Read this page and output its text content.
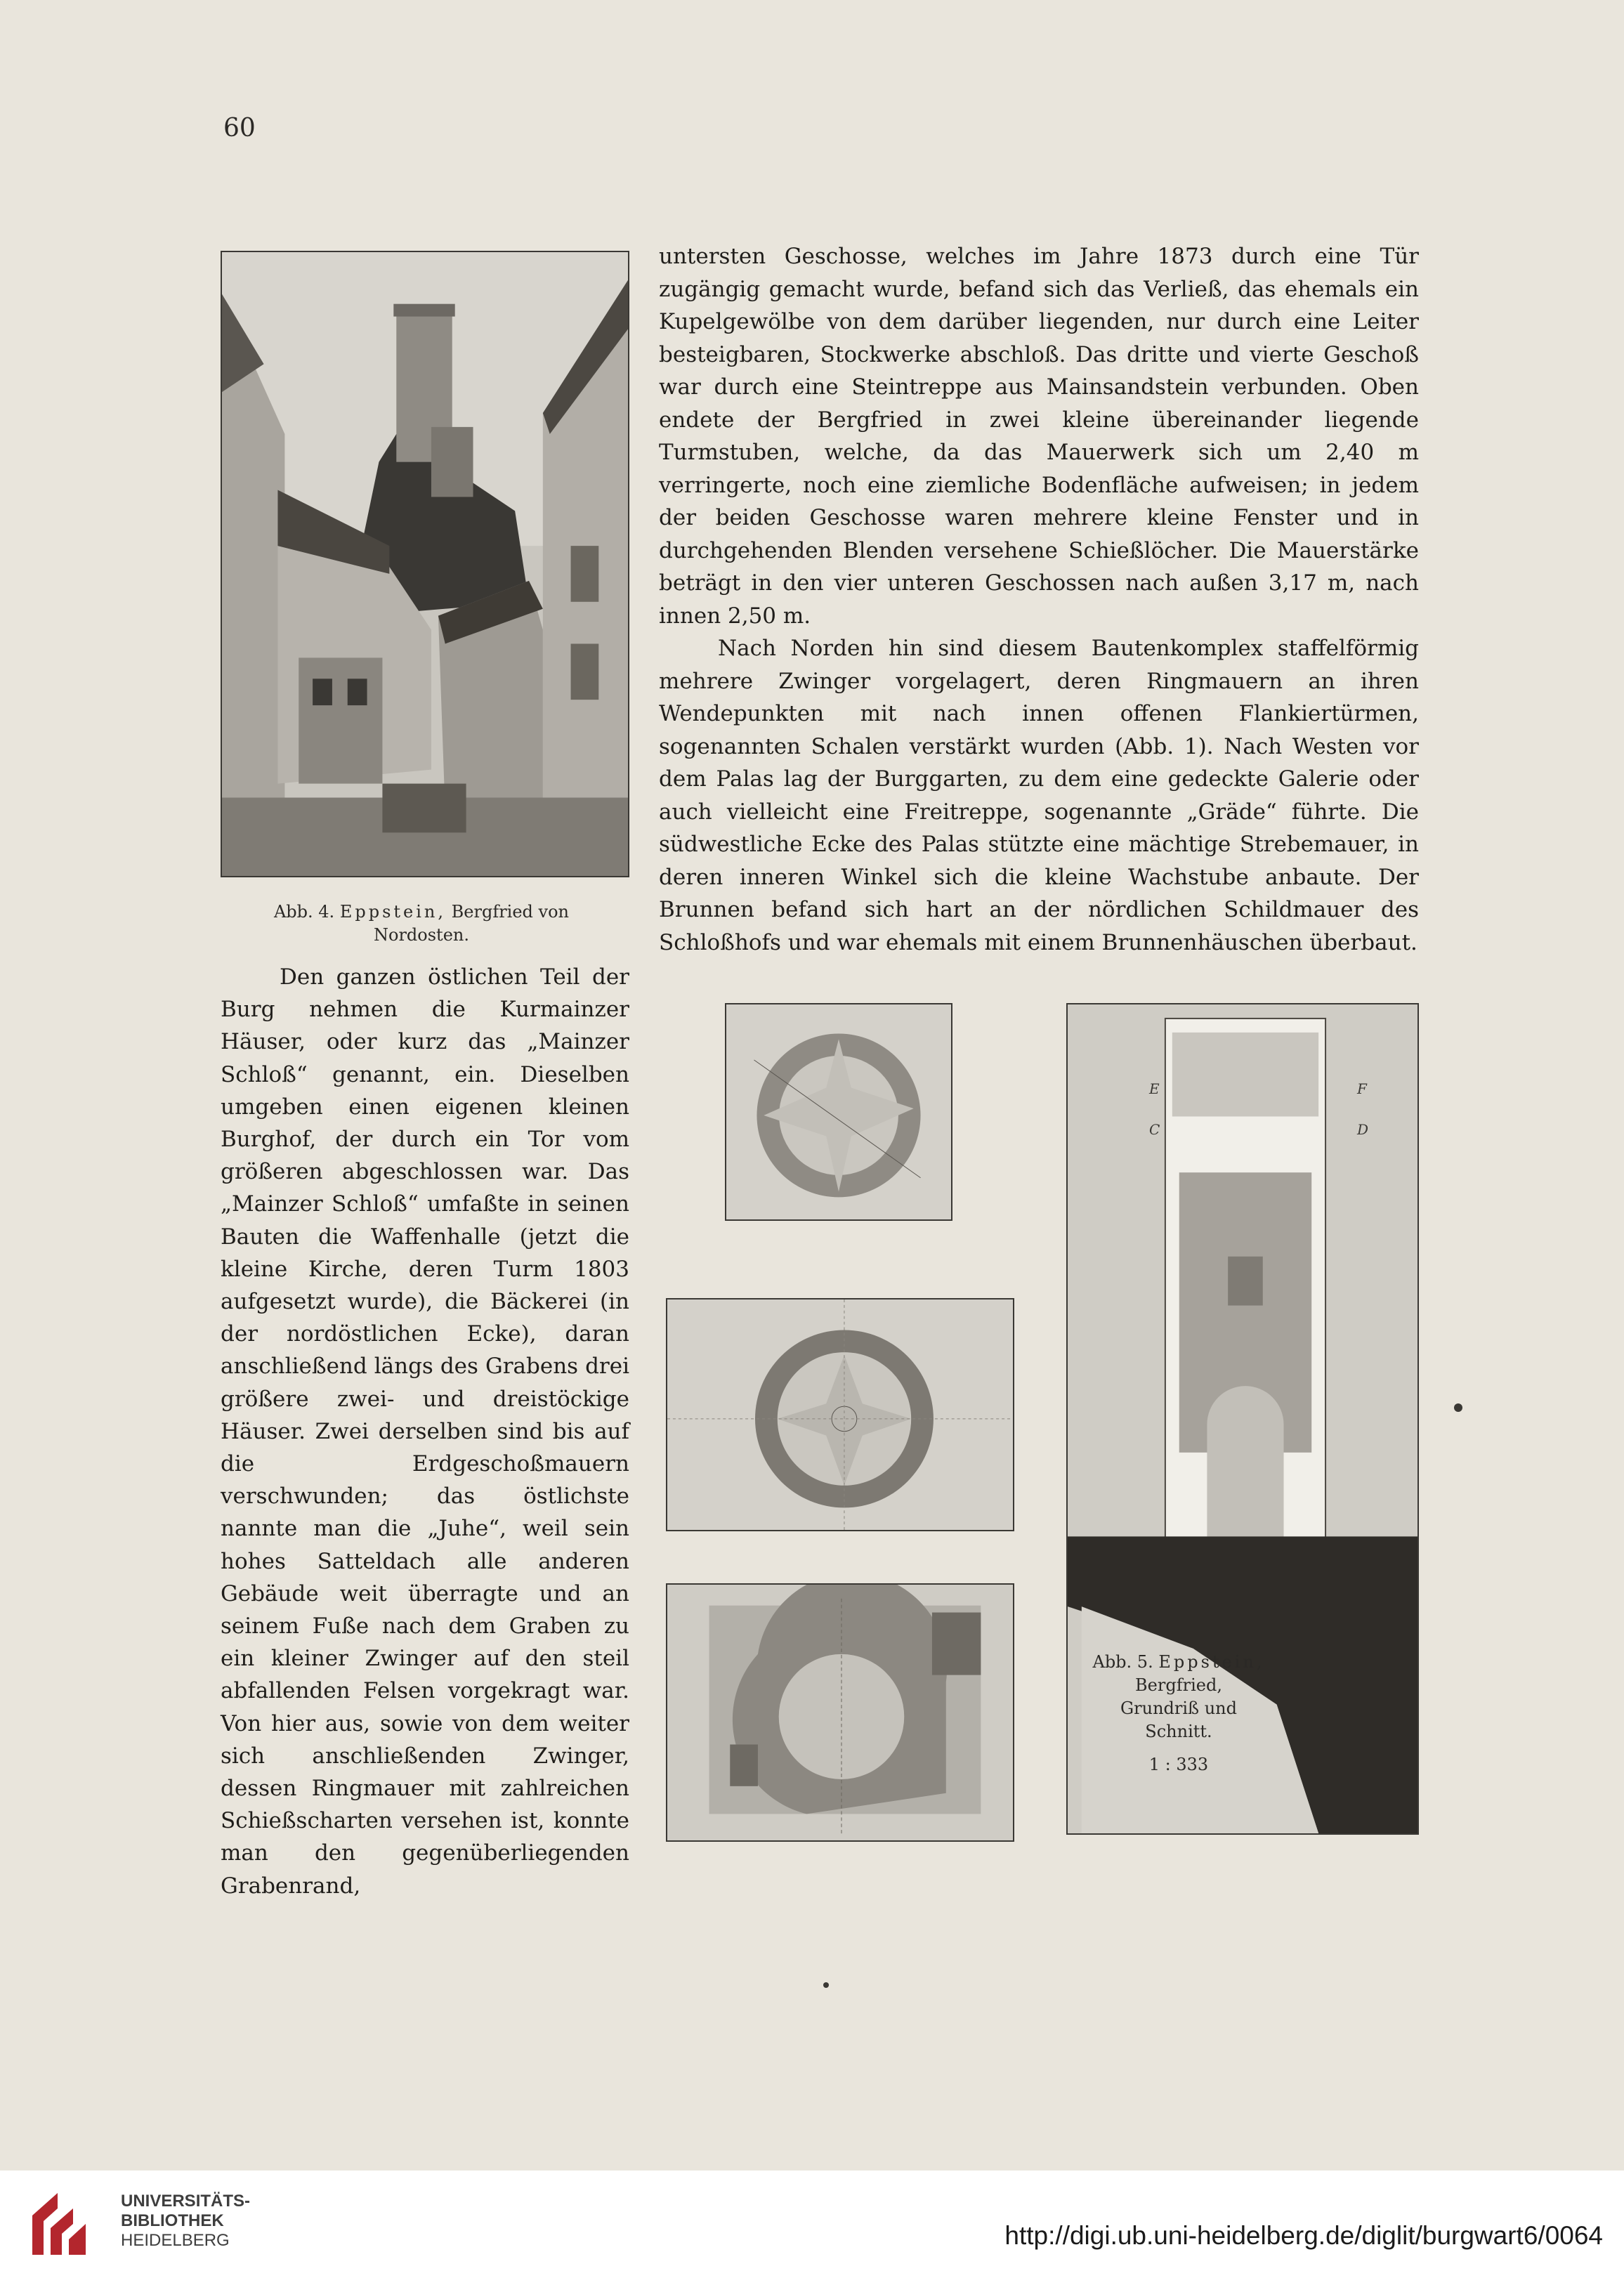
60
Abb. 4. Eppstein, Bergfried von Nordosten.

untersten Geschosse, welches im Jahre 1873 durch eine Tür zugängig gemacht wurde, befand sich das Verließ, das ehemals ein Kupelgewölbe von dem darüber liegenden, nur durch eine Leiter besteigbaren, Stockwerke abschloß. Das dritte und vierte Geschoß war durch eine Steintreppe aus Mainsandstein verbunden. Oben endete der Bergfried in zwei kleine übereinander liegende Turmstuben, welche, da das Mauerwerk sich um 2,40 m verringerte, noch eine ziemliche Bodenfläche aufweisen; in jedem der beiden Geschosse waren mehrere kleine Fenster und in durchgehenden Blenden versehene Schießlöcher. Die Mauerstärke beträgt in den vier unteren Geschossen nach außen 3,17 m, nach innen 2,50 m.

Nach Norden hin sind diesem Bautenkomplex staffelförmig mehrere Zwinger vorgelagert, deren Ringmauern an ihren Wendepunkten mit nach innen offenen Flankiertürmen, sogenannten Schalen verstärkt wurden (Abb. 1). Nach Westen vor dem Palas lag der Burggarten, zu dem eine gedeckte Galerie oder auch vielleicht eine Freitreppe, sogenannte „Gräde“ führte. Die südwestliche Ecke des Palas stützte eine mächtige Strebemauer, in deren inneren Winkel sich die kleine Wachstube anbaute. Der Brunnen befand sich hart an der nördlichen Schildmauer des Schloßhofs und war ehemals mit einem Brunnenhäuschen überbaut.

E	F
C	D
Abb. 5. Eppstein,
Bergfried,
Grundriß und
Schnitt.
1 : 333

Den ganzen östlichen Teil der Burg nehmen die Kurmainzer Häuser, oder kurz das „Mainzer Schloß“ genannt, ein. Dieselben umgeben einen eigenen kleinen Burghof, der durch ein Tor vom größeren abgeschlossen war. Das „Mainzer Schloß“ umfaßte in seinen Bauten die Waffenhalle (jetzt die kleine Kirche, deren Turm 1803 aufgesetzt wurde), die Bäckerei (in der nordöstlichen Ecke), daran anschließend längs des Grabens drei größere zwei- und dreistöckige Häuser. Zwei derselben sind bis auf die Erdgeschoßmauern verschwunden; das östlichste nannte man die „Juhe“, weil sein hohes Satteldach alle anderen Gebäude weit überragte und an seinem Fuße nach dem Graben zu ein kleiner Zwinger auf den steil abfallenden Felsen vorgekragt war. Von hier aus, sowie von dem weiter sich anschließenden Zwinger, dessen Ringmauer mit zahlreichen Schießscharten versehen ist, konnte man den gegenüberliegenden Grabenrand,

UNIVERSITÄTS-
BIBLIOTHEK
HEIDELBERG	http://digi.ub.uni-heidelberg.de/diglit/burgwart6/0064
